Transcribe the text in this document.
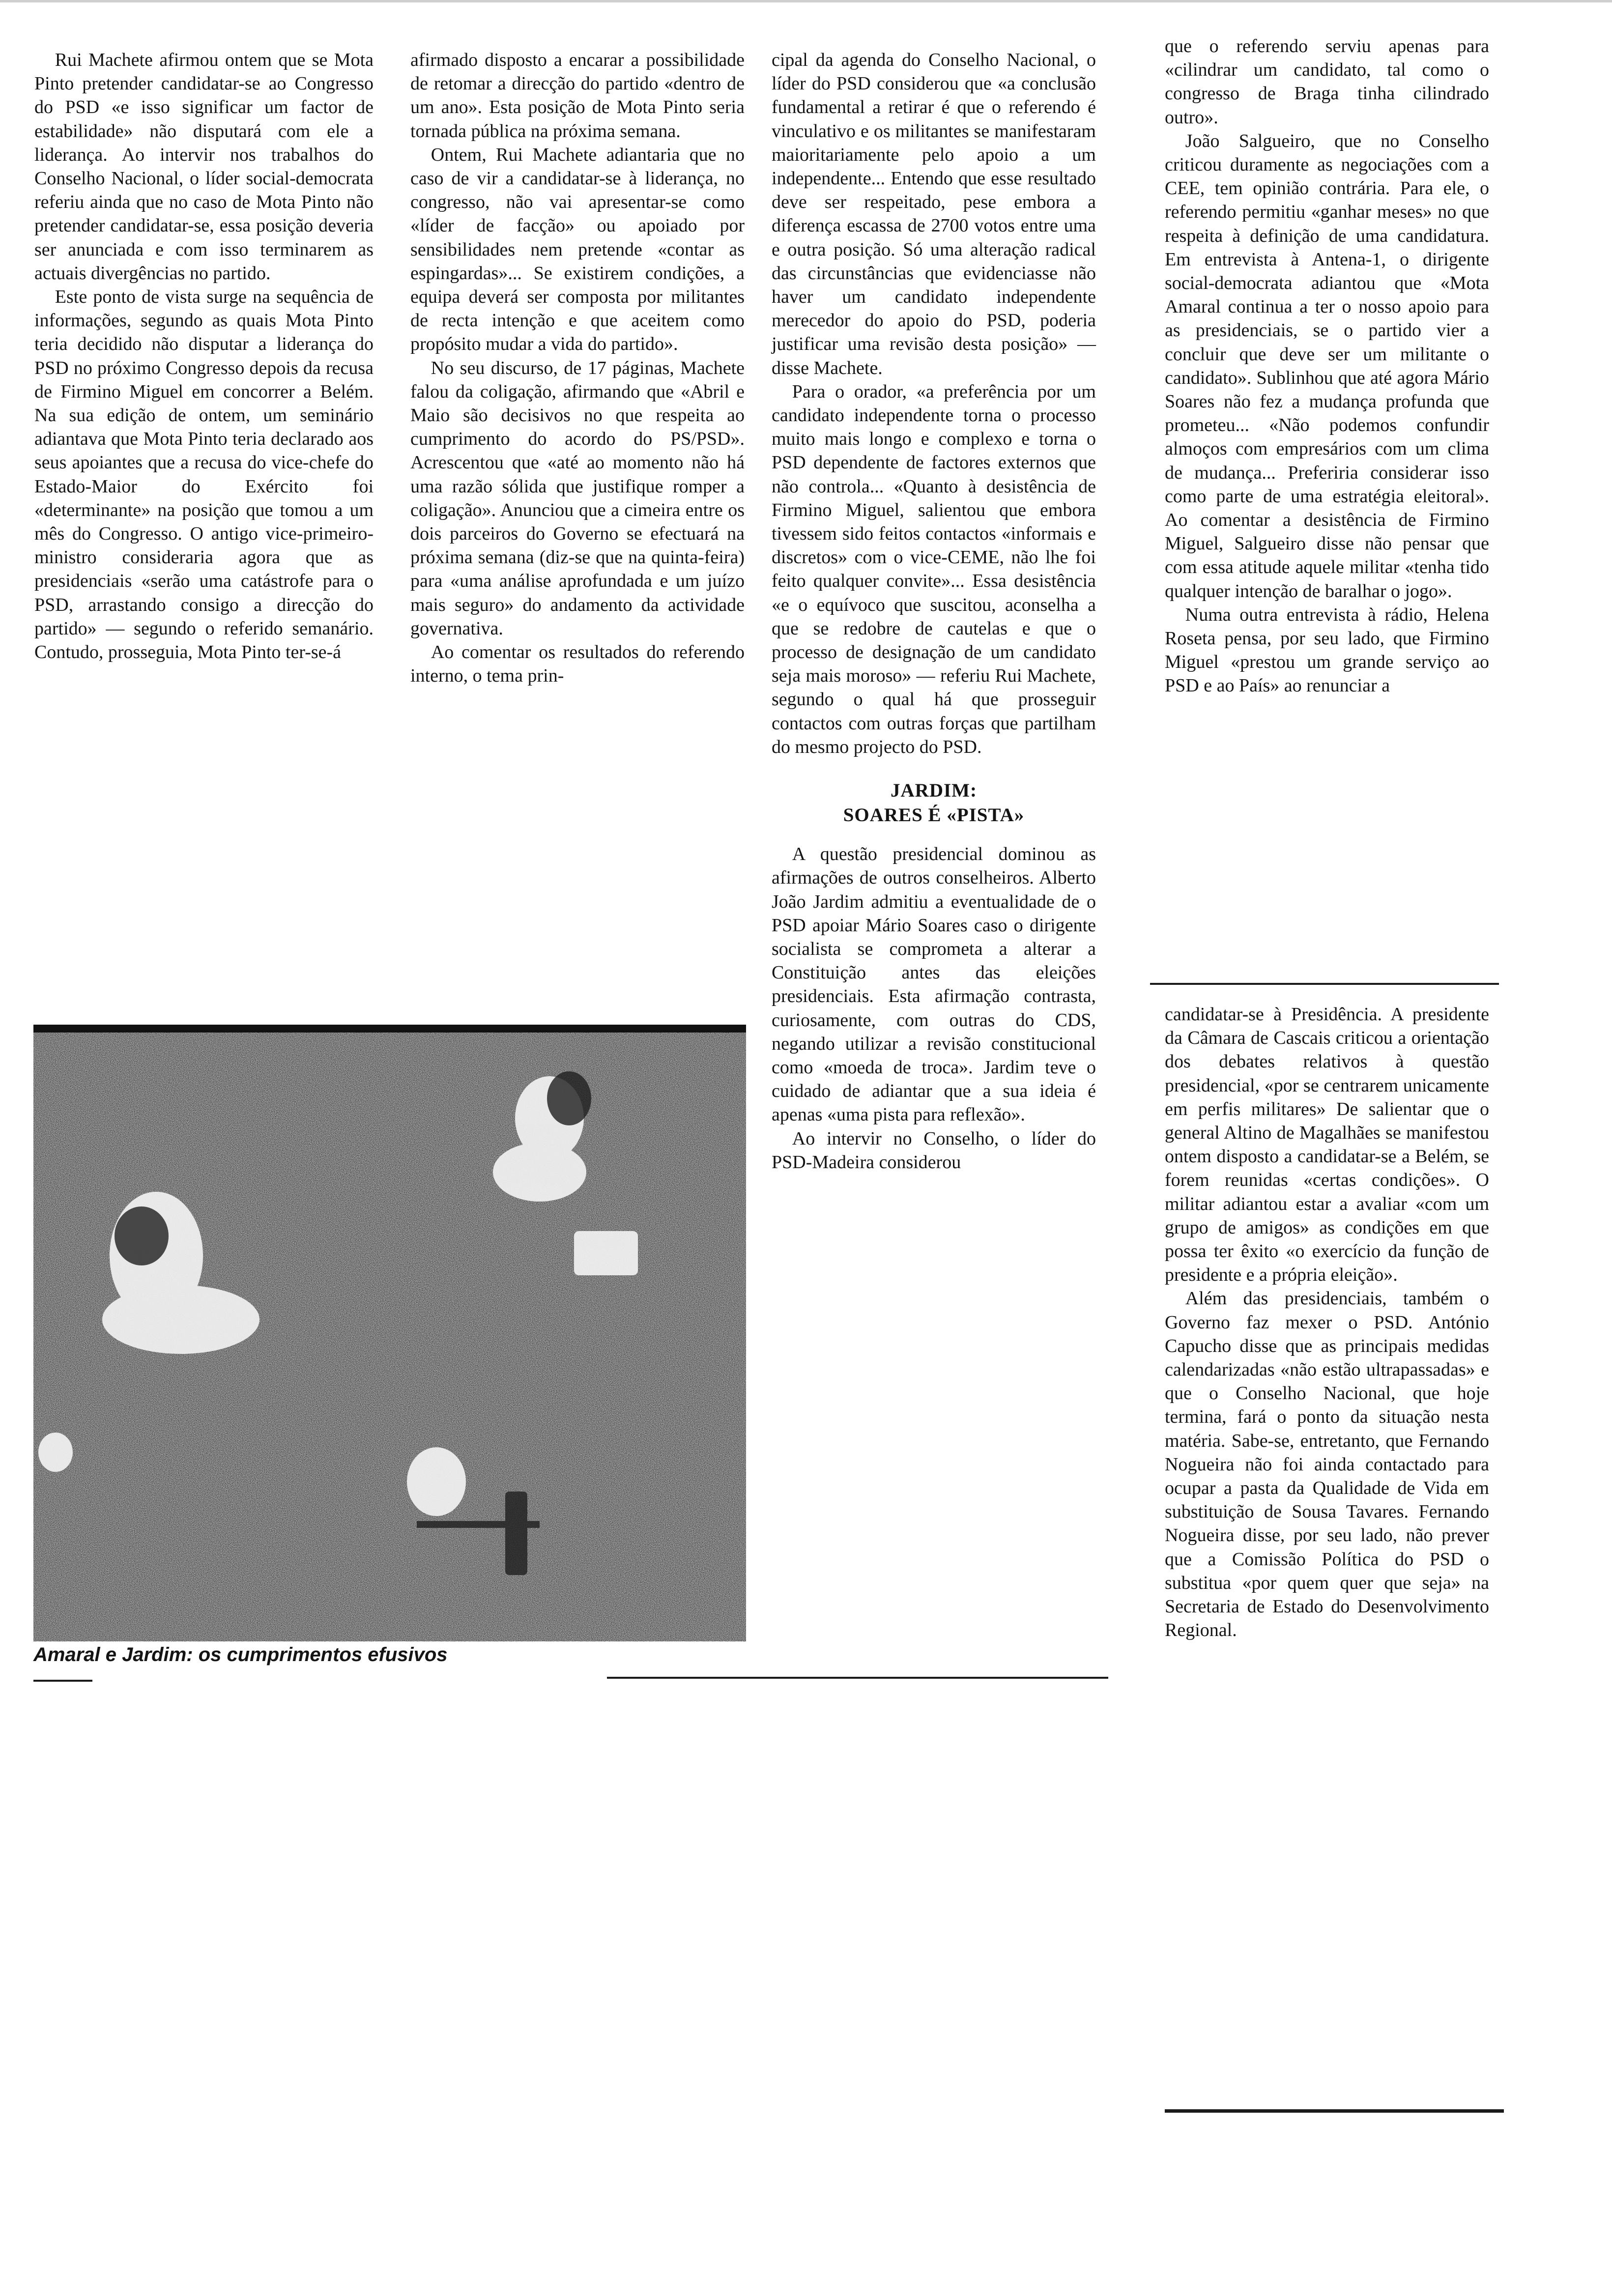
Rui Machete afirmou ontem que se Mota Pinto pretender candidatar-se ao Congresso do PSD «e isso significar um factor de estabilidade» não disputará com ele a liderança. Ao intervir nos trabalhos do Conselho Nacional, o líder social-democrata referiu ainda que no caso de Mota Pinto não pretender candidatar-se, essa posição deveria ser anunciada e com isso terminarem as actuais divergências no partido.

Este ponto de vista surge na sequência de informações, segundo as quais Mota Pinto teria decidido não disputar a liderança do PSD no próximo Congresso depois da recusa de Firmino Miguel em concorrer a Belém. Na sua edição de ontem, um seminário adiantava que Mota Pinto teria declarado aos seus apoiantes que a recusa do vice-chefe do Estado-Maior do Exército foi «determinante» na posição que tomou a um mês do Congresso. O antigo vice-primeiro-ministro consideraria agora que as presidenciais «serão uma catástrofe para o PSD, arrastando consigo a direcção do partido» — segundo o referido semanário. Contudo, prosseguia, Mota Pinto ter-se-á

afirmado disposto a encarar a possibilidade de retomar a direcção do partido «dentro de um ano». Esta posição de Mota Pinto seria tornada pública na próxima semana.

Ontem, Rui Machete adiantaria que no caso de vir a candidatar-se à liderança, no congresso, não vai apresentar-se como «líder de facção» ou apoiado por sensibilidades nem pretende «contar as espingardas»... Se existirem condições, a equipa deverá ser composta por militantes de recta intenção e que aceitem como propósito mudar a vida do partido».

No seu discurso, de 17 páginas, Machete falou da coligação, afirmando que «Abril e Maio são decisivos no que respeita ao cumprimento do acordo do PS/PSD». Acrescentou que «até ao momento não há uma razão sólida que justifique romper a coligação». Anunciou que a cimeira entre os dois parceiros do Governo se efectuará na próxima semana (diz-se que na quinta-feira) para «uma análise aprofundada e um juízo mais seguro» do andamento da actividade governativa.

Ao comentar os resultados do referendo interno, o tema prin-

Amaral e Jardim: os cumprimentos efusivos

cipal da agenda do Conselho Nacional, o líder do PSD considerou que «a conclusão fundamental a retirar é que o referendo é vinculativo e os militantes se manifestaram maioritariamente pelo apoio a um independente... Entendo que esse resultado deve ser respeitado, pese embora a diferença escassa de 2700 votos entre uma e outra posição. Só uma alteração radical das circunstâncias que evidenciasse não haver um candidato independente merecedor do apoio do PSD, poderia justificar uma revisão desta posição» — disse Machete.

Para o orador, «a preferência por um candidato independente torna o processo muito mais longo e complexo e torna o PSD dependente de factores externos que não controla... «Quanto à desistência de Firmino Miguel, salientou que embora tivessem sido feitos contactos «informais e discretos» com o vice-CEME, não lhe foi feito qualquer convite»... Essa desistência «e o equívoco que suscitou, aconselha a que se redobre de cautelas e que o processo de designação de um candidato seja mais moroso» — referiu Rui Machete, segundo o qual há que prosseguir contactos com outras forças que partilham do mesmo projecto do PSD.

JARDIM:
SOARES É «PISTA»

A questão presidencial dominou as afirmações de outros conselheiros. Alberto João Jardim admitiu a eventualidade de o PSD apoiar Mário Soares caso o dirigente socialista se comprometa a alterar a Constituição antes das eleições presidenciais. Esta afirmação contrasta, curiosamente, com outras do CDS, negando utilizar a revisão constitucional como «moeda de troca». Jardim teve o cuidado de adiantar que a sua ideia é apenas «uma pista para reflexão».

Ao intervir no Conselho, o líder do PSD-Madeira considerou

que o referendo serviu apenas para «cilindrar um candidato, tal como o congresso de Braga tinha cilindrado outro».

João Salgueiro, que no Conselho criticou duramente as negociações com a CEE, tem opinião contrária. Para ele, o referendo permitiu «ganhar meses» no que respeita à definição de uma candidatura. Em entrevista à Antena-1, o dirigente social-democrata adiantou que «Mota Amaral continua a ter o nosso apoio para as presidenciais, se o partido vier a concluir que deve ser um militante o candidato». Sublinhou que até agora Mário Soares não fez a mudança profunda que prometeu... «Não podemos confundir almoços com empresários com um clima de mudança... Preferiria considerar isso como parte de uma estratégia eleitoral». Ao comentar a desistência de Firmino Miguel, Salgueiro disse não pensar que com essa atitude aquele militar «tenha tido qualquer intenção de baralhar o jogo».

Numa outra entrevista à rádio, Helena Roseta pensa, por seu lado, que Firmino Miguel «prestou um grande serviço ao PSD e ao País» ao renunciar a

candidatar-se à Presidência. A presidente da Câmara de Cascais criticou a orientação dos debates relativos à questão presidencial, «por se centrarem unicamente em perfis militares» De salientar que o general Altino de Magalhães se manifestou ontem disposto a candidatar-se a Belém, se forem reunidas «certas condições». O militar adiantou estar a avaliar «com um grupo de amigos» as condições em que possa ter êxito «o exercício da função de presidente e a própria eleição».

Além das presidenciais, também o Governo faz mexer o PSD. António Capucho disse que as principais medidas calendarizadas «não estão ultrapassadas» e que o Conselho Nacional, que hoje termina, fará o ponto da situação nesta matéria. Sabe-se, entretanto, que Fernando Nogueira não foi ainda contactado para ocupar a pasta da Qualidade de Vida em substituição de Sousa Tavares. Fernando Nogueira disse, por seu lado, não prever que a Comissão Política do PSD o substitua «por quem quer que seja» na Secretaria de Estado do Desenvolvimento Regional.
